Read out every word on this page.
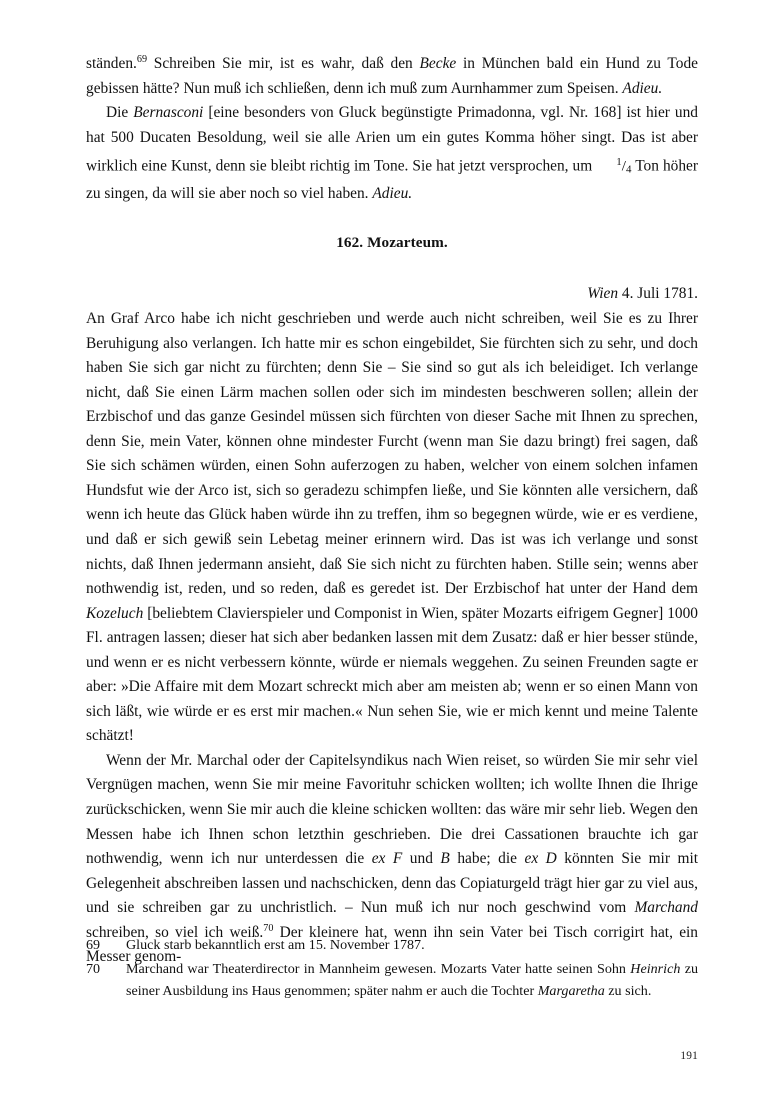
ständen.$^{69}$ Schreiben Sie mir, ist es wahr, daß den Becke in München bald ein Hund zu Tode gebissen hätte? Nun muß ich schließen, denn ich muß zum Aurnhammer zum Speisen. Adieu.

Die Bernasconi [eine besonders von Gluck begünstigte Primadonna, vgl. Nr. 168] ist hier und hat 500 Ducaten Besoldung, weil sie alle Arien um ein gutes Komma höher singt. Das ist aber wirklich eine Kunst, denn sie bleibt richtig im Tone. Sie hat jetzt versprochen, um $^1$/4 Ton höher zu singen, da will sie aber noch so viel haben. Adieu.

162. Mozarteum.
Wien 4. Juli 1781.

An Graf Arco habe ich nicht geschrieben und werde auch nicht schreiben, weil Sie es zu Ihrer Beruhigung also verlangen. Ich hatte mir es schon eingebildet, Sie fürchten sich zu sehr, und doch haben Sie sich gar nicht zu fürchten; denn Sie – Sie sind so gut als ich beleidiget. Ich verlange nicht, daß Sie einen Lärm machen sollen oder sich im mindesten beschweren sollen; allein der Erzbischof und das ganze Gesindel müssen sich fürchten von dieser Sache mit Ihnen zu sprechen, denn Sie, mein Vater, können ohne mindester Furcht (wenn man Sie dazu bringt) frei sagen, daß Sie sich schämen würden, einen Sohn auferzogen zu haben, welcher von einem solchen infamen Hundsfut wie der Arco ist, sich so geradezu schimpfen ließe, und Sie könnten alle versichern, daß wenn ich heute das Glück haben würde ihn zu treffen, ihm so begegnen würde, wie er es verdiene, und daß er sich gewiß sein Lebetag meiner erinnern wird. Das ist was ich verlange und sonst nichts, daß Ihnen jedermann ansieht, daß Sie sich nicht zu fürchten haben. Stille sein; wenns aber nothwendig ist, reden, und so reden, daß es geredet ist. Der Erzbischof hat unter der Hand dem Kozeluch [beliebtem Clavierspieler und Componist in Wien, später Mozarts eifrigem Gegner] 1000 Fl. antragen lassen; dieser hat sich aber bedanken lassen mit dem Zusatz: daß er hier besser stünde, und wenn er es nicht verbessern könnte, würde er niemals weggehen. Zu seinen Freunden sagte er aber: »Die Affaire mit dem Mozart schreckt mich aber am meisten ab; wenn er so einen Mann von sich läßt, wie würde er es erst mir machen.« Nun sehen Sie, wie er mich kennt und meine Talente schätzt!

Wenn der Mr. Marchal oder der Capitelsyndikus nach Wien reiset, so würden Sie mir sehr viel Vergnügen machen, wenn Sie mir meine Favorituhr schicken wollten; ich wollte Ihnen die Ihrige zurückschicken, wenn Sie mir auch die kleine schicken wollten: das wäre mir sehr lieb. Wegen den Messen habe ich Ihnen schon letzthin geschrieben. Die drei Cassationen brauchte ich gar nothwendig, wenn ich nur unterdessen die ex F und B habe; die ex D könnten Sie mir mit Gelegenheit abschreiben lassen und nachschicken, denn das Copiaturgeld trägt hier gar zu viel aus, und sie schreiben gar zu unchristlich. – Nun muß ich nur noch geschwind vom Marchand schreiben, so viel ich weiß.$^{70}$ Der kleinere hat, wenn ihn sein Vater bei Tisch corrigirt hat, ein Messer genom-

69	Gluck starb bekanntlich erst am 15. November 1787.
70	Marchand war Theaterdirector in Mannheim gewesen. Mozarts Vater hatte seinen Sohn Heinrich zu seiner Ausbildung ins Haus genommen; später nahm er auch die Tochter Margaretha zu sich.
191
